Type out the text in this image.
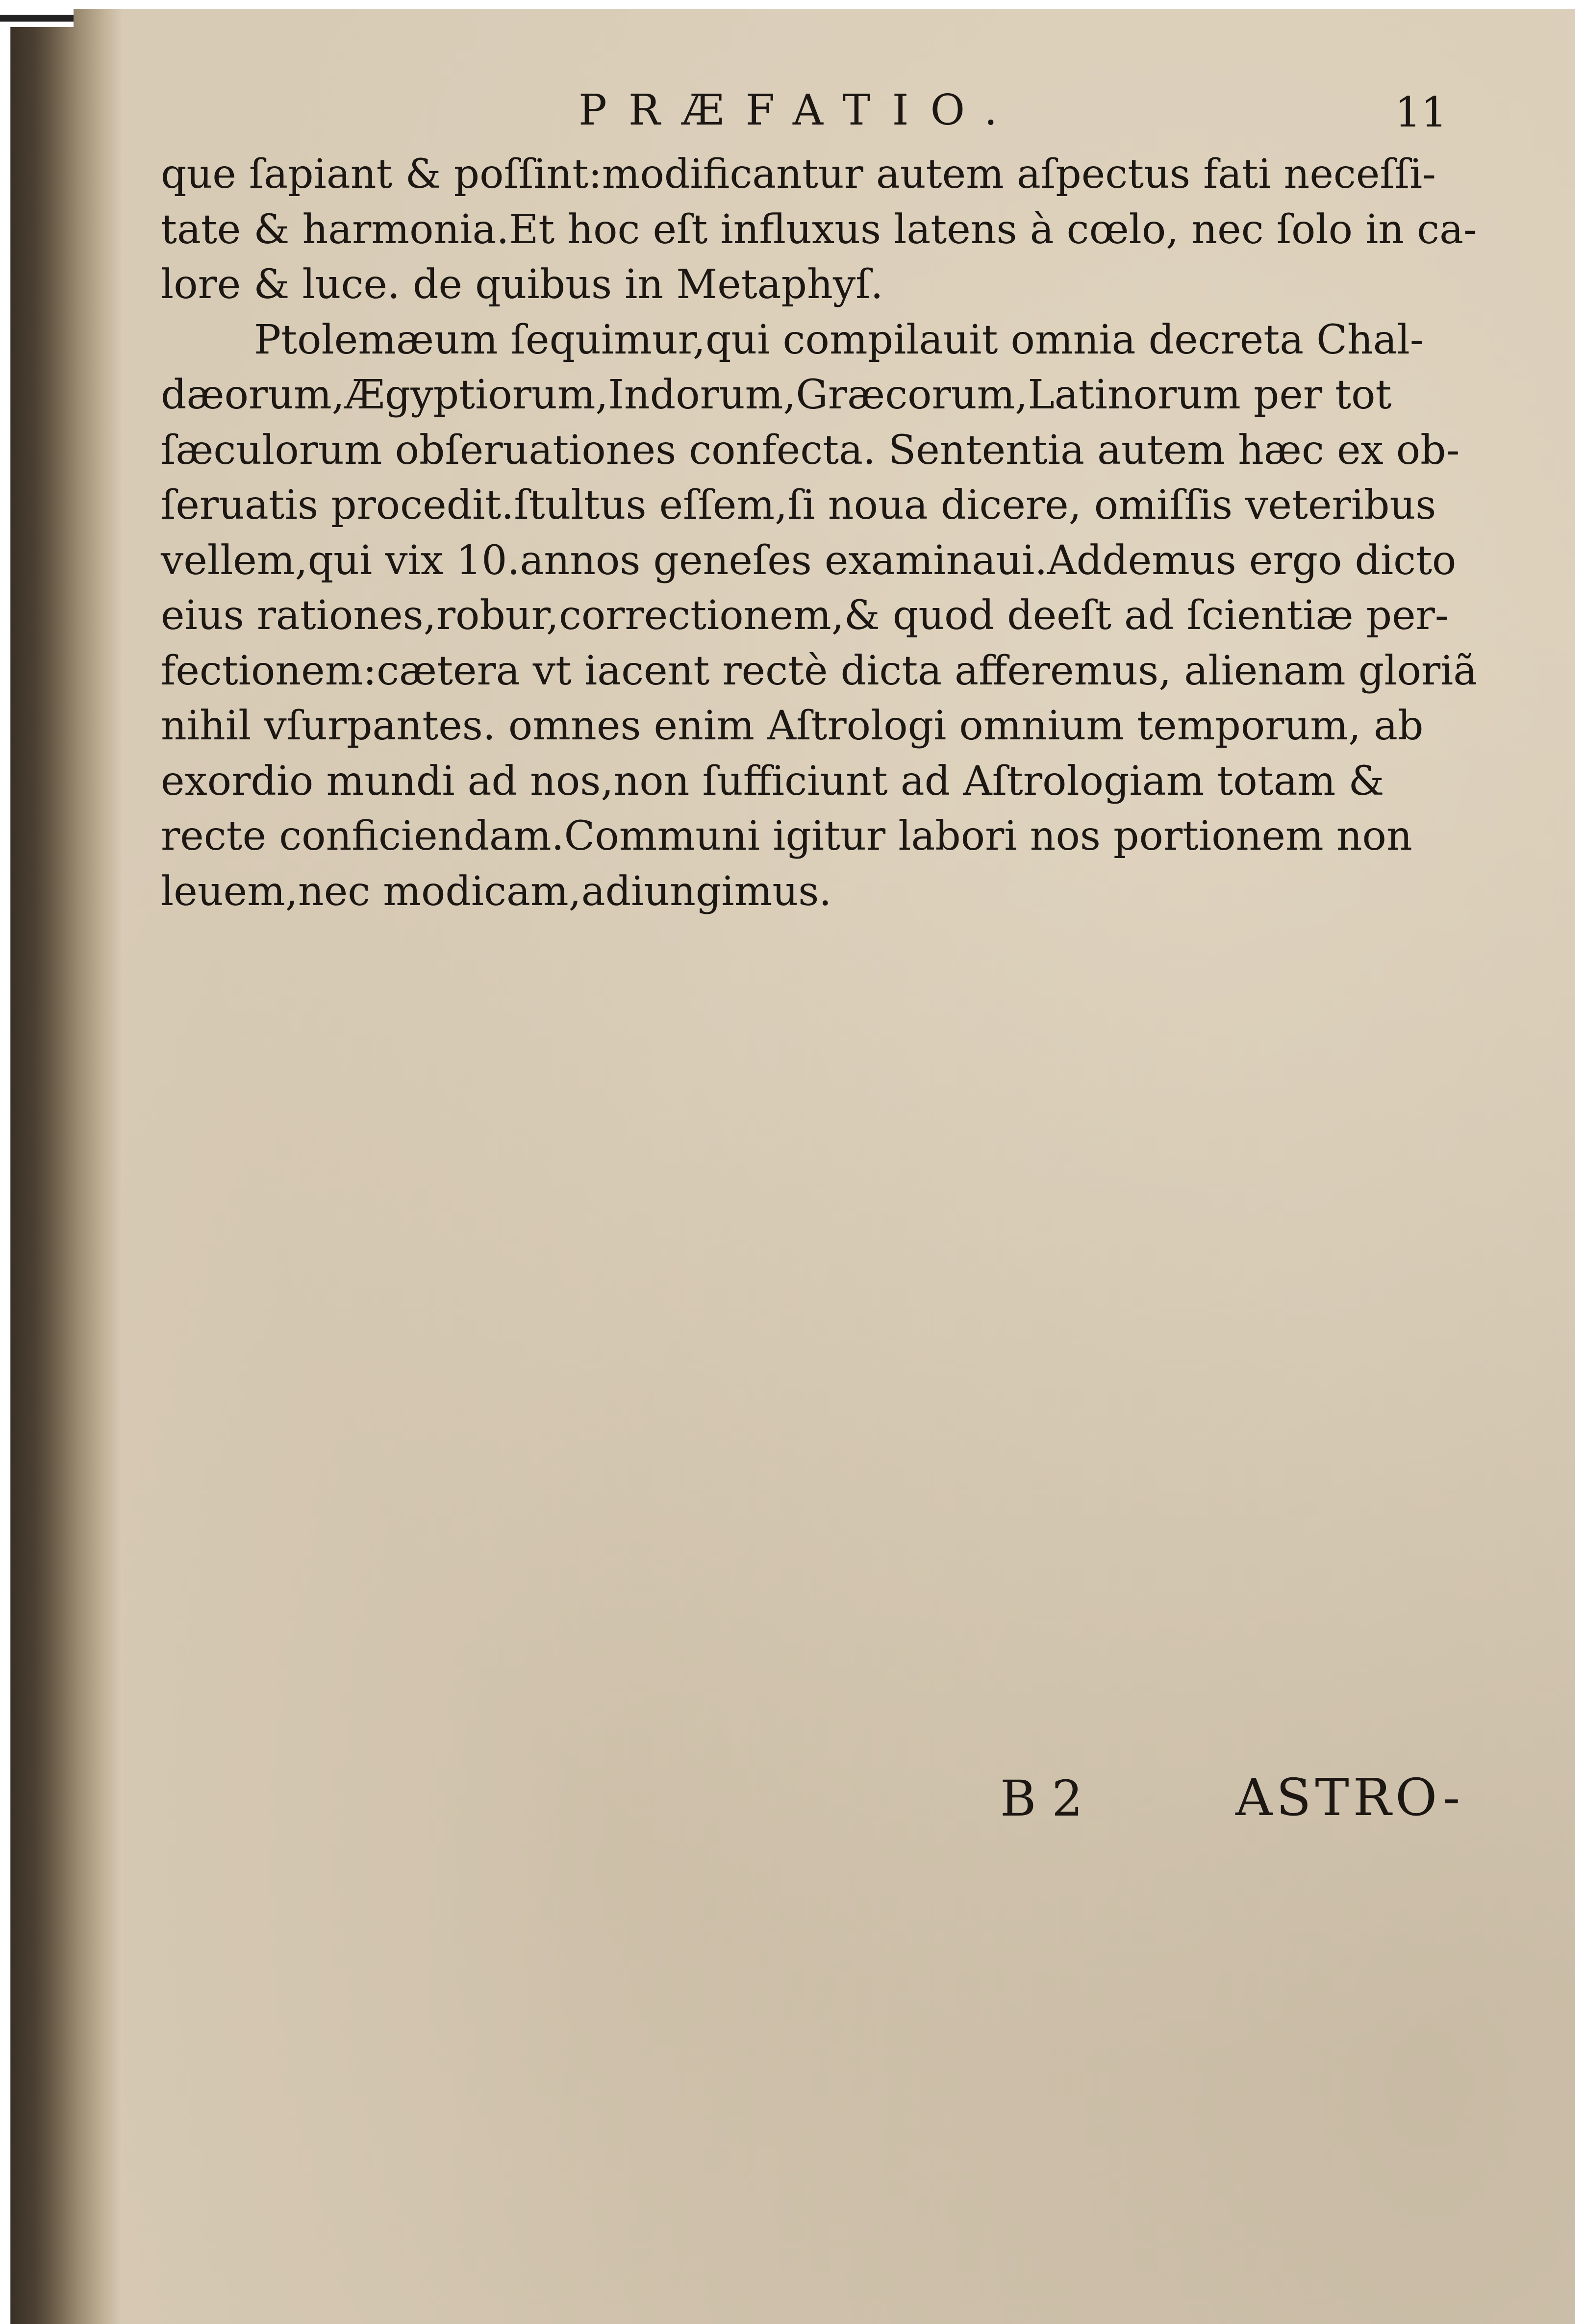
PRÆFATIO.	11
que ſapiant & poſſint:modificantur autem aſpectus fati neceſſi-
tate & harmonia.Et hoc eſt influxus latens à cœlo, nec ſolo in ca-
lore & luce. de quibus in Metaphyſ.
Ptolemæum ſequimur,qui compilauit omnia decreta Chal-
dæorum,Ægyptiorum,Indorum,Græcorum,Latinorum per tot
ſæculorum obſeruationes confecta. Sententia autem hæc ex ob-
ſeruatis procedit.ſtultus eſſem,ſi noua dicere, omiſſis veteribus
vellem,qui vix 10.annos geneſes examinaui.Addemus ergo dicto
eius rationes,robur,correctionem,& quod deeſt ad ſcientiæ per-
fectionem:cætera vt iacent rectè dicta afferemus, alienam gloriã
nihil vſurpantes. omnes enim Aſtrologi omnium temporum, ab
exordio mundi ad nos,non ſufficiunt ad Aſtrologiam totam &
recte conficiendam.Communi igitur labori nos portionem non
leuem,nec modicam,adiungimus.
B 2	ASTRO-
